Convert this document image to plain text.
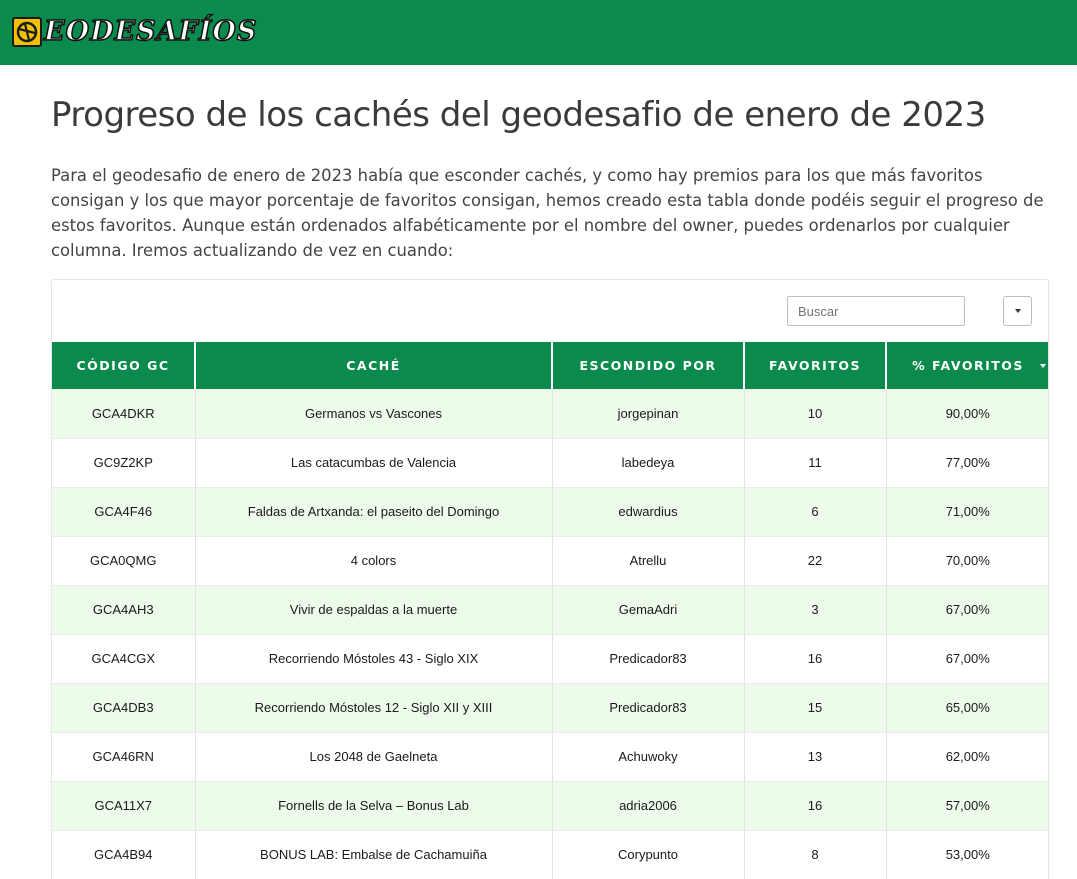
EODESAFÍOS
Progreso de los cachés del geodesafio de enero de 2023

Para el geodesafio de enero de 2023 había que esconder cachés, y como hay premios para los que más favoritos consigan y los que mayor porcentaje de favoritos consigan, hemos creado esta tabla donde podéis seguir el progreso de estos favoritos. Aunque están ordenados alfabéticamente por el nombre del owner, puedes ordenarlos por cualquier columna. Iremos actualizando de vez en cuando:

Buscar
CÓDIGO GC	CACHÉ	ESCONDIDO POR	FAVORITOS	% FAVORITOS

GCA4DKR	Germanos vs Vascones	jorgepinan	10	90,00%
GC9Z2KP	Las catacumbas de Valencia	labedeya	11	77,00%
GCA4F46	Faldas de Artxanda: el paseito del Domingo	edwardius	6	71,00%
GCA0QMG	4 colors	Atrellu	22	70,00%
GCA4AH3	Vivir de espaldas a la muerte	GemaAdri	3	67,00%
GCA4CGX	Recorriendo Móstoles 43 - Siglo XIX	Predicador83	16	67,00%
GCA4DB3	Recorriendo Móstoles 12 - Siglo XII y XIII	Predicador83	15	65,00%
GCA46RN	Los 2048 de Gaelneta	Achuwoky	13	62,00%
GCA11X7	Fornells de la Selva – Bonus Lab	adria2006	16	57,00%
GCA4B94	BONUS LAB: Embalse de Cachamuiña	Corypunto	8	53,00%
